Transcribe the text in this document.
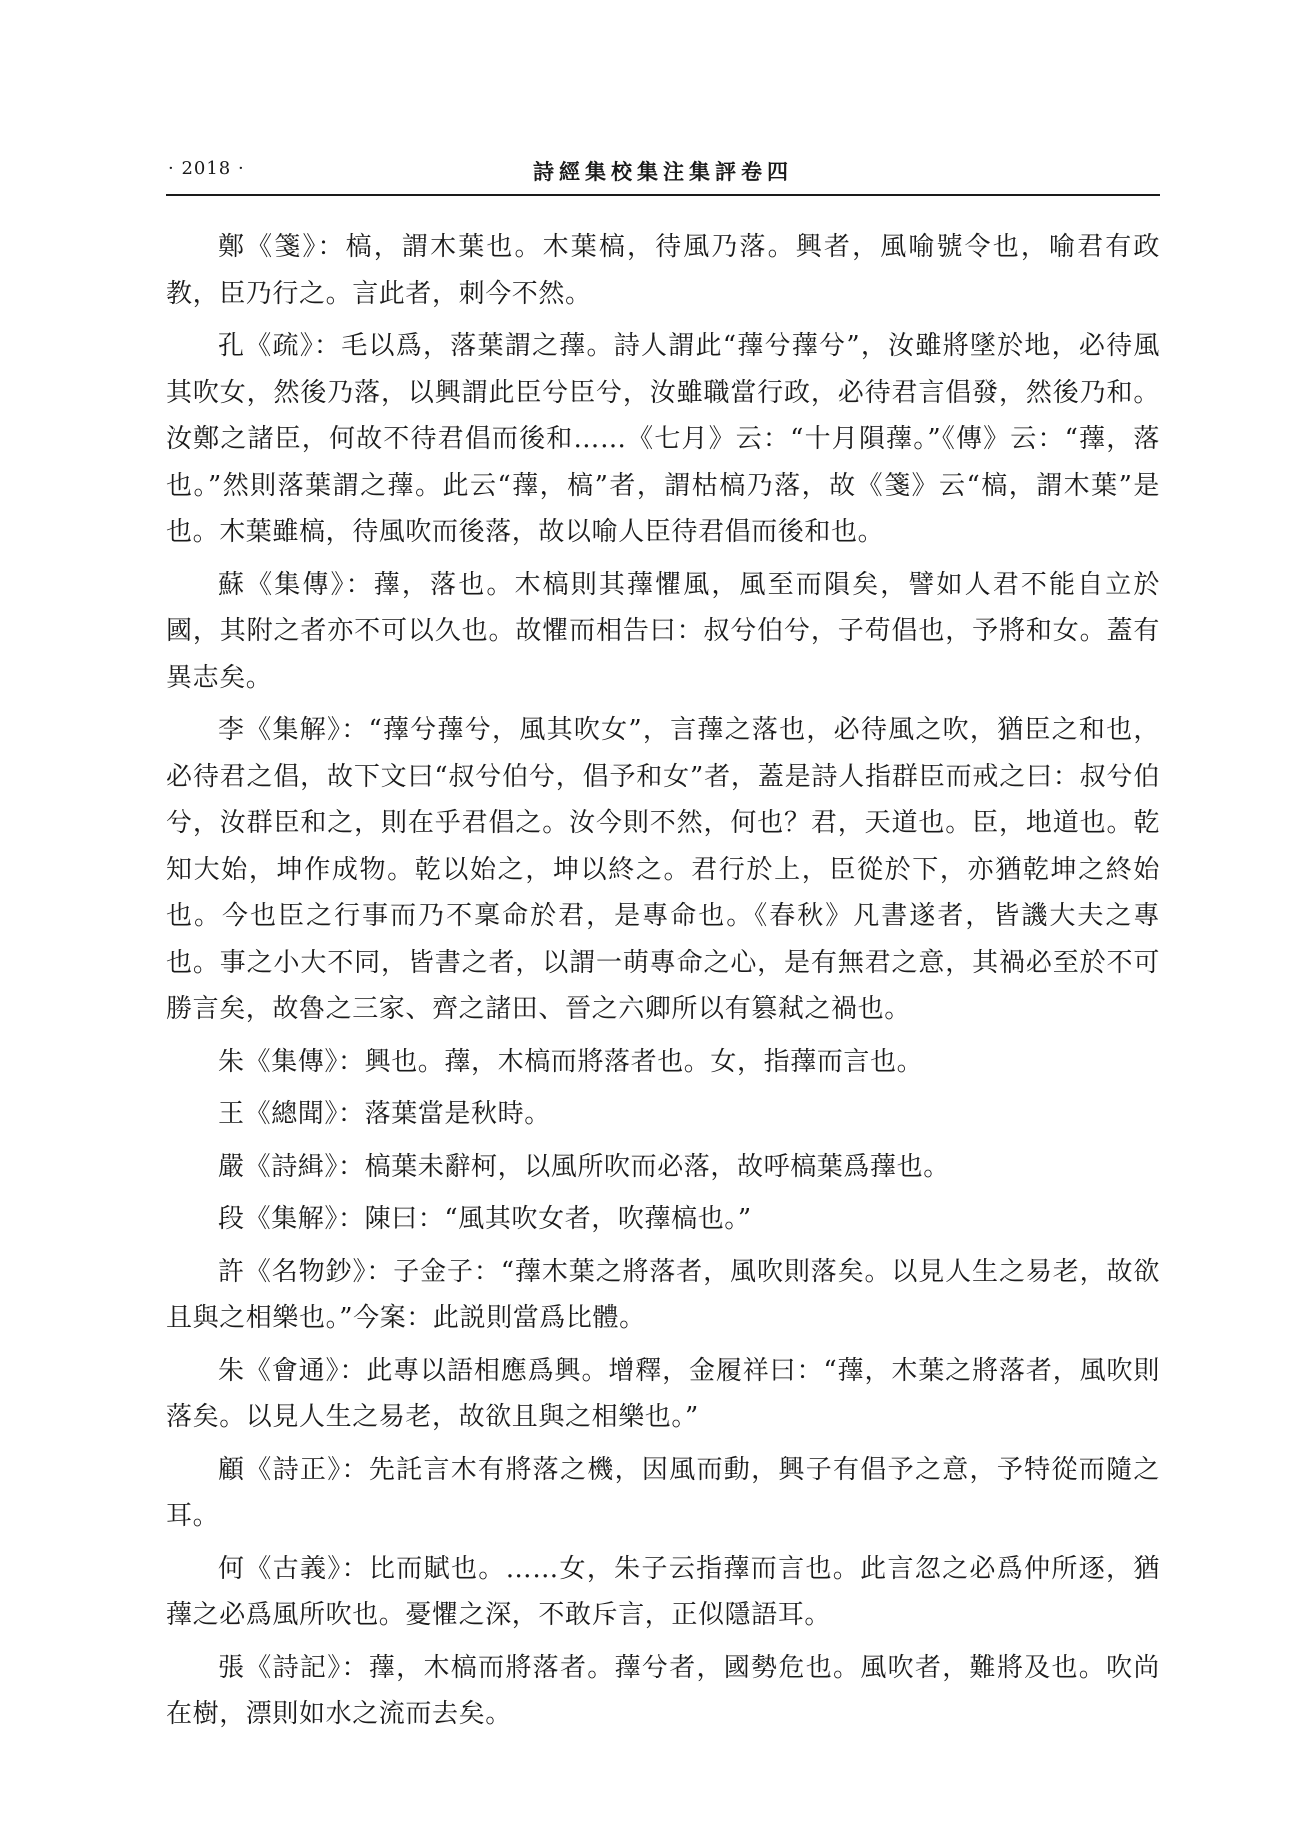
· 2018 ·	詩經集校集注集評卷四

鄭《箋》：槁，謂木葉也。木葉槁，待風乃落。興者，風喻號令也，喻君有政教，臣乃行之。言此者，刺今不然。

孔《疏》：毛以爲，落葉謂之蘀。詩人謂此“蘀兮蘀兮”，汝雖將墜於地，必待風其吹女，然後乃落，以興謂此臣兮臣兮，汝雖職當行政，必待君言倡發，然後乃和。汝鄭之諸臣，何故不待君倡而後和……《七月》云：“十月隕蘀。”《傳》云：“蘀，落也。”然則落葉謂之蘀。此云“蘀，槁”者，謂枯槁乃落，故《箋》云“槁，謂木葉”是也。木葉雖槁，待風吹而後落，故以喻人臣待君倡而後和也。

蘇《集傳》：蘀，落也。木槁則其蘀懼風，風至而隕矣，譬如人君不能自立於國，其附之者亦不可以久也。故懼而相告曰：叔兮伯兮，子苟倡也，予將和女。蓋有異志矣。

李《集解》：“蘀兮蘀兮，風其吹女”，言蘀之落也，必待風之吹，猶臣之和也，必待君之倡，故下文曰“叔兮伯兮，倡予和女”者，蓋是詩人指群臣而戒之曰：叔兮伯兮，汝群臣和之，則在乎君倡之。汝今則不然，何也？君，天道也。臣，地道也。乾知大始，坤作成物。乾以始之，坤以終之。君行於上，臣從於下，亦猶乾坤之終始也。今也臣之行事而乃不稟命於君，是專命也。《春秋》凡書遂者，皆譏大夫之專也。事之小大不同，皆書之者，以謂一萌專命之心，是有無君之意，其禍必至於不可勝言矣，故魯之三家、齊之諸田、晉之六卿所以有篡弒之禍也。

朱《集傳》：興也。蘀，木槁而將落者也。女，指蘀而言也。

王《總聞》：落葉當是秋時。

嚴《詩緝》：槁葉未辭柯，以風所吹而必落，故呼槁葉爲蘀也。

段《集解》：陳曰：“風其吹女者，吹蘀槁也。”

許《名物鈔》：子金子：“蘀木葉之將落者，風吹則落矣。以見人生之易老，故欲且與之相樂也。”今案：此説則當爲比體。

朱《會通》：此專以語相應爲興。增釋，金履祥曰：“蘀，木葉之將落者，風吹則落矣。以見人生之易老，故欲且與之相樂也。”

顧《詩正》：先託言木有將落之機，因風而動，興子有倡予之意，予特從而隨之耳。

何《古義》：比而賦也。……女，朱子云指蘀而言也。此言忽之必爲仲所逐，猶蘀之必爲風所吹也。憂懼之深，不敢斥言，正似隱語耳。

張《詩記》：蘀，木槁而將落者。蘀兮者，國勢危也。風吹者，難將及也。吹尚在樹，漂則如水之流而去矣。
